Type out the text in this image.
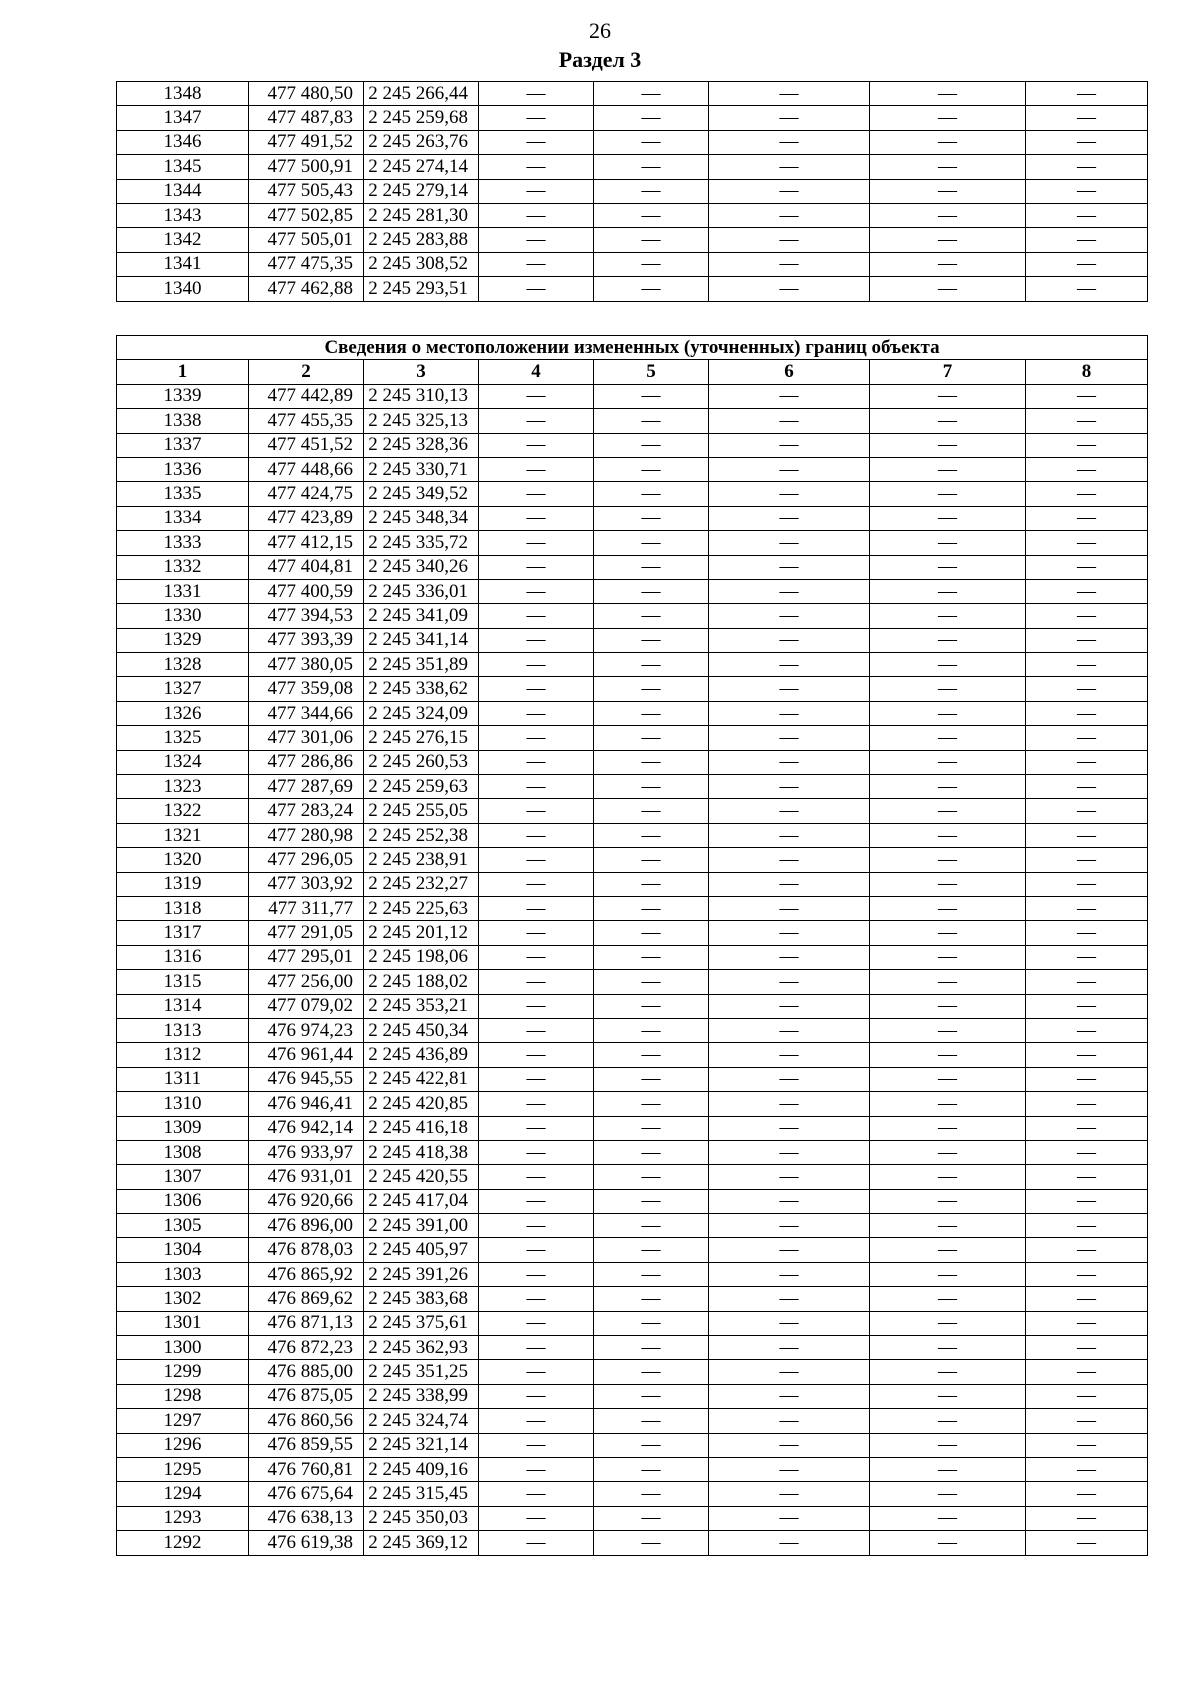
26
Раздел 3
1348	477 480,50	2 245 266,44	—	—	—	—	—
1347	477 487,83	2 245 259,68	—	—	—	—	—
1346	477 491,52	2 245 263,76	—	—	—	—	—
1345	477 500,91	2 245 274,14	—	—	—	—	—
1344	477 505,43	2 245 279,14	—	—	—	—	—
1343	477 502,85	2 245 281,30	—	—	—	—	—
1342	477 505,01	2 245 283,88	—	—	—	—	—
1341	477 475,35	2 245 308,52	—	—	—	—	—
1340	477 462,88	2 245 293,51	—	—	—	—	—
Сведения о местоположении измененных (уточненных) границ объекта							
1	2	3	4	5	6	7	8
1339	477 442,89	2 245 310,13	—	—	—	—	—
1338	477 455,35	2 245 325,13	—	—	—	—	—
1337	477 451,52	2 245 328,36	—	—	—	—	—
1336	477 448,66	2 245 330,71	—	—	—	—	—
1335	477 424,75	2 245 349,52	—	—	—	—	—
1334	477 423,89	2 245 348,34	—	—	—	—	—
1333	477 412,15	2 245 335,72	—	—	—	—	—
1332	477 404,81	2 245 340,26	—	—	—	—	—
1331	477 400,59	2 245 336,01	—	—	—	—	—
1330	477 394,53	2 245 341,09	—	—	—	—	—
1329	477 393,39	2 245 341,14	—	—	—	—	—
1328	477 380,05	2 245 351,89	—	—	—	—	—
1327	477 359,08	2 245 338,62	—	—	—	—	—
1326	477 344,66	2 245 324,09	—	—	—	—	—
1325	477 301,06	2 245 276,15	—	—	—	—	—
1324	477 286,86	2 245 260,53	—	—	—	—	—
1323	477 287,69	2 245 259,63	—	—	—	—	—
1322	477 283,24	2 245 255,05	—	—	—	—	—
1321	477 280,98	2 245 252,38	—	—	—	—	—
1320	477 296,05	2 245 238,91	—	—	—	—	—
1319	477 303,92	2 245 232,27	—	—	—	—	—
1318	477 311,77	2 245 225,63	—	—	—	—	—
1317	477 291,05	2 245 201,12	—	—	—	—	—
1316	477 295,01	2 245 198,06	—	—	—	—	—
1315	477 256,00	2 245 188,02	—	—	—	—	—
1314	477 079,02	2 245 353,21	—	—	—	—	—
1313	476 974,23	2 245 450,34	—	—	—	—	—
1312	476 961,44	2 245 436,89	—	—	—	—	—
1311	476 945,55	2 245 422,81	—	—	—	—	—
1310	476 946,41	2 245 420,85	—	—	—	—	—
1309	476 942,14	2 245 416,18	—	—	—	—	—
1308	476 933,97	2 245 418,38	—	—	—	—	—
1307	476 931,01	2 245 420,55	—	—	—	—	—
1306	476 920,66	2 245 417,04	—	—	—	—	—
1305	476 896,00	2 245 391,00	—	—	—	—	—
1304	476 878,03	2 245 405,97	—	—	—	—	—
1303	476 865,92	2 245 391,26	—	—	—	—	—
1302	476 869,62	2 245 383,68	—	—	—	—	—
1301	476 871,13	2 245 375,61	—	—	—	—	—
1300	476 872,23	2 245 362,93	—	—	—	—	—
1299	476 885,00	2 245 351,25	—	—	—	—	—
1298	476 875,05	2 245 338,99	—	—	—	—	—
1297	476 860,56	2 245 324,74	—	—	—	—	—
1296	476 859,55	2 245 321,14	—	—	—	—	—
1295	476 760,81	2 245 409,16	—	—	—	—	—
1294	476 675,64	2 245 315,45	—	—	—	—	—
1293	476 638,13	2 245 350,03	—	—	—	—	—
1292	476 619,38	2 245 369,12	—	—	—	—	—
